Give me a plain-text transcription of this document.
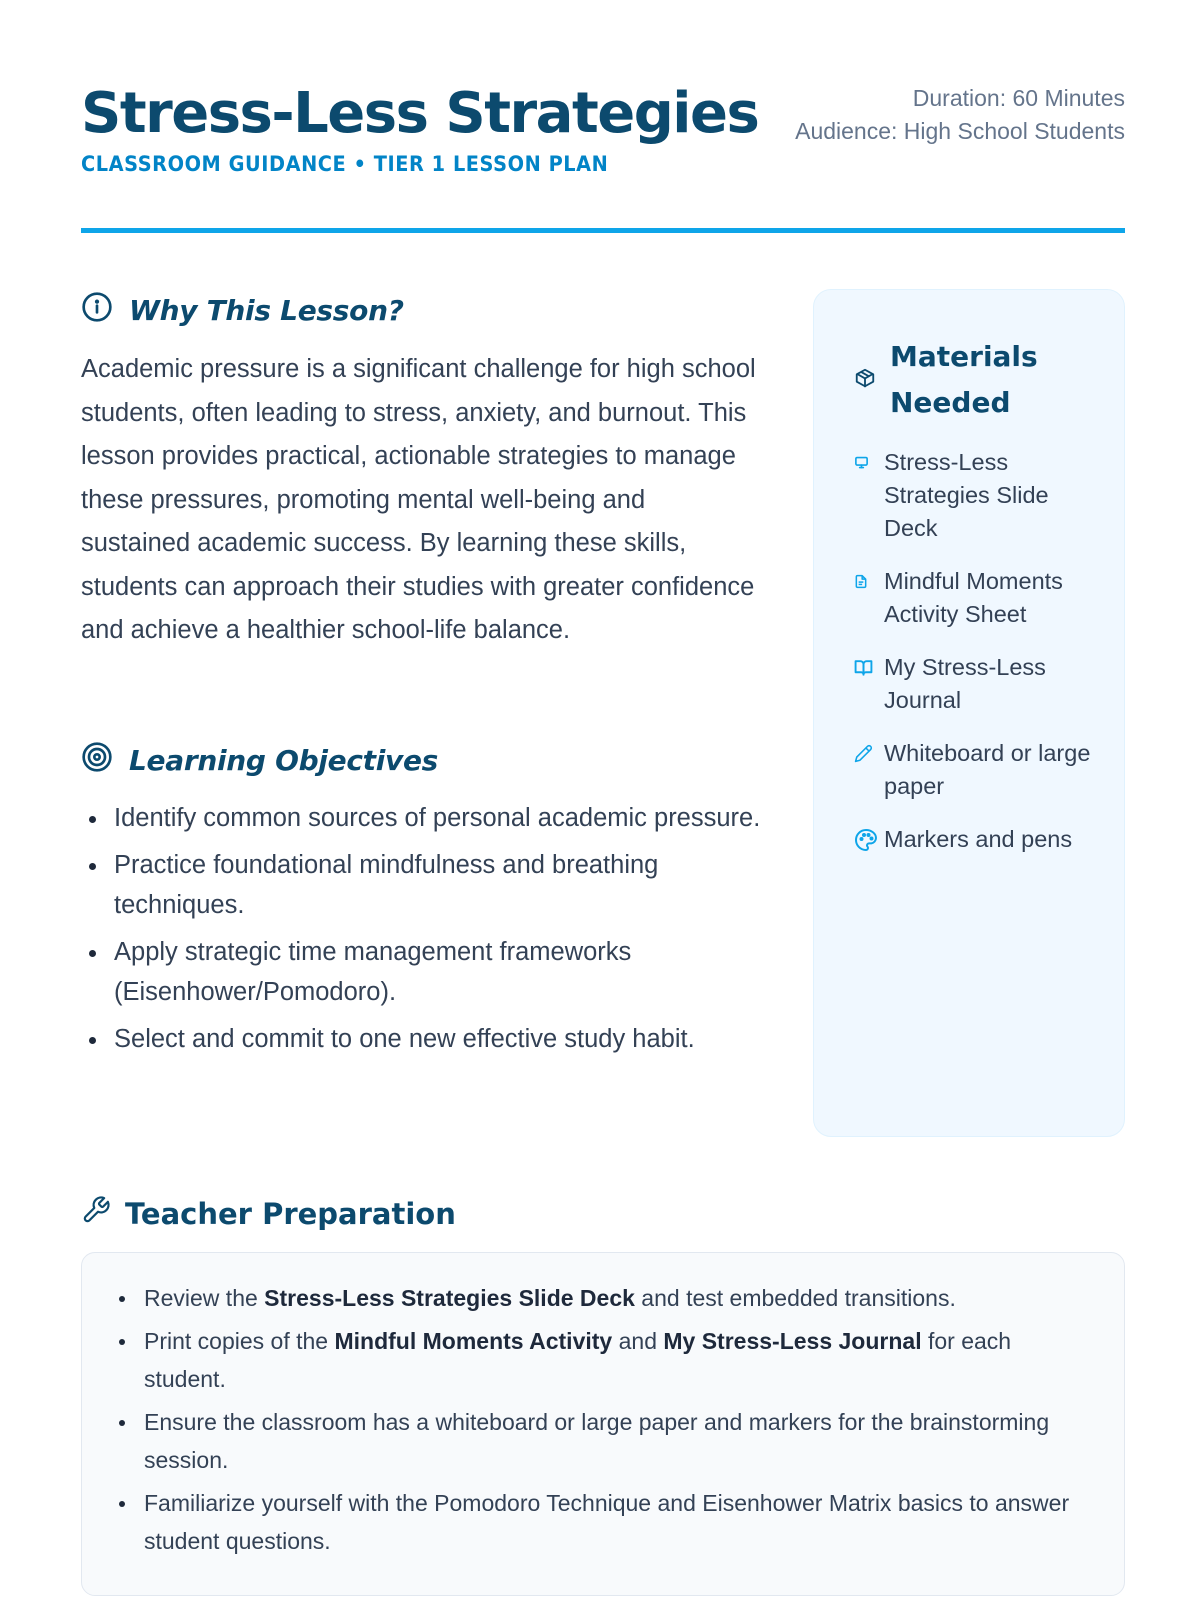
Stress-Less Strategies
CLASSROOM GUIDANCE • TIER 1 LESSON PLAN
Duration: 60 Minutes
Audience: High School Students
Why This Lesson?

Academic pressure is a significant challenge for high school students, often leading to stress, anxiety, and burnout. This lesson provides practical, actionable strategies to manage these pressures, promoting mental well-being and sustained academic success. By learning these skills, students can approach their studies with greater confidence and achieve a healthier school-life balance.

Learning Objectives
Identify common sources of personal academic pressure.
Practice foundational mindfulness and breathing techniques.
Apply strategic time management frameworks (Eisenhower/Pomodoro).
Select and commit to one new effective study habit.
Materials Needed
Stress-Less Strategies Slide Deck
Mindful Moments Activity Sheet
My Stress-Less Journal
Whiteboard or large paper
Markers and pens
Teacher Preparation
Review the Stress-Less Strategies Slide Deck and test embedded transitions.
Print copies of the Mindful Moments Activity and My Stress-Less Journal for each student.
Ensure the classroom has a whiteboard or large paper and markers for the brainstorming session.
Familiarize yourself with the Pomodoro Technique and Eisenhower Matrix basics to answer student questions.
